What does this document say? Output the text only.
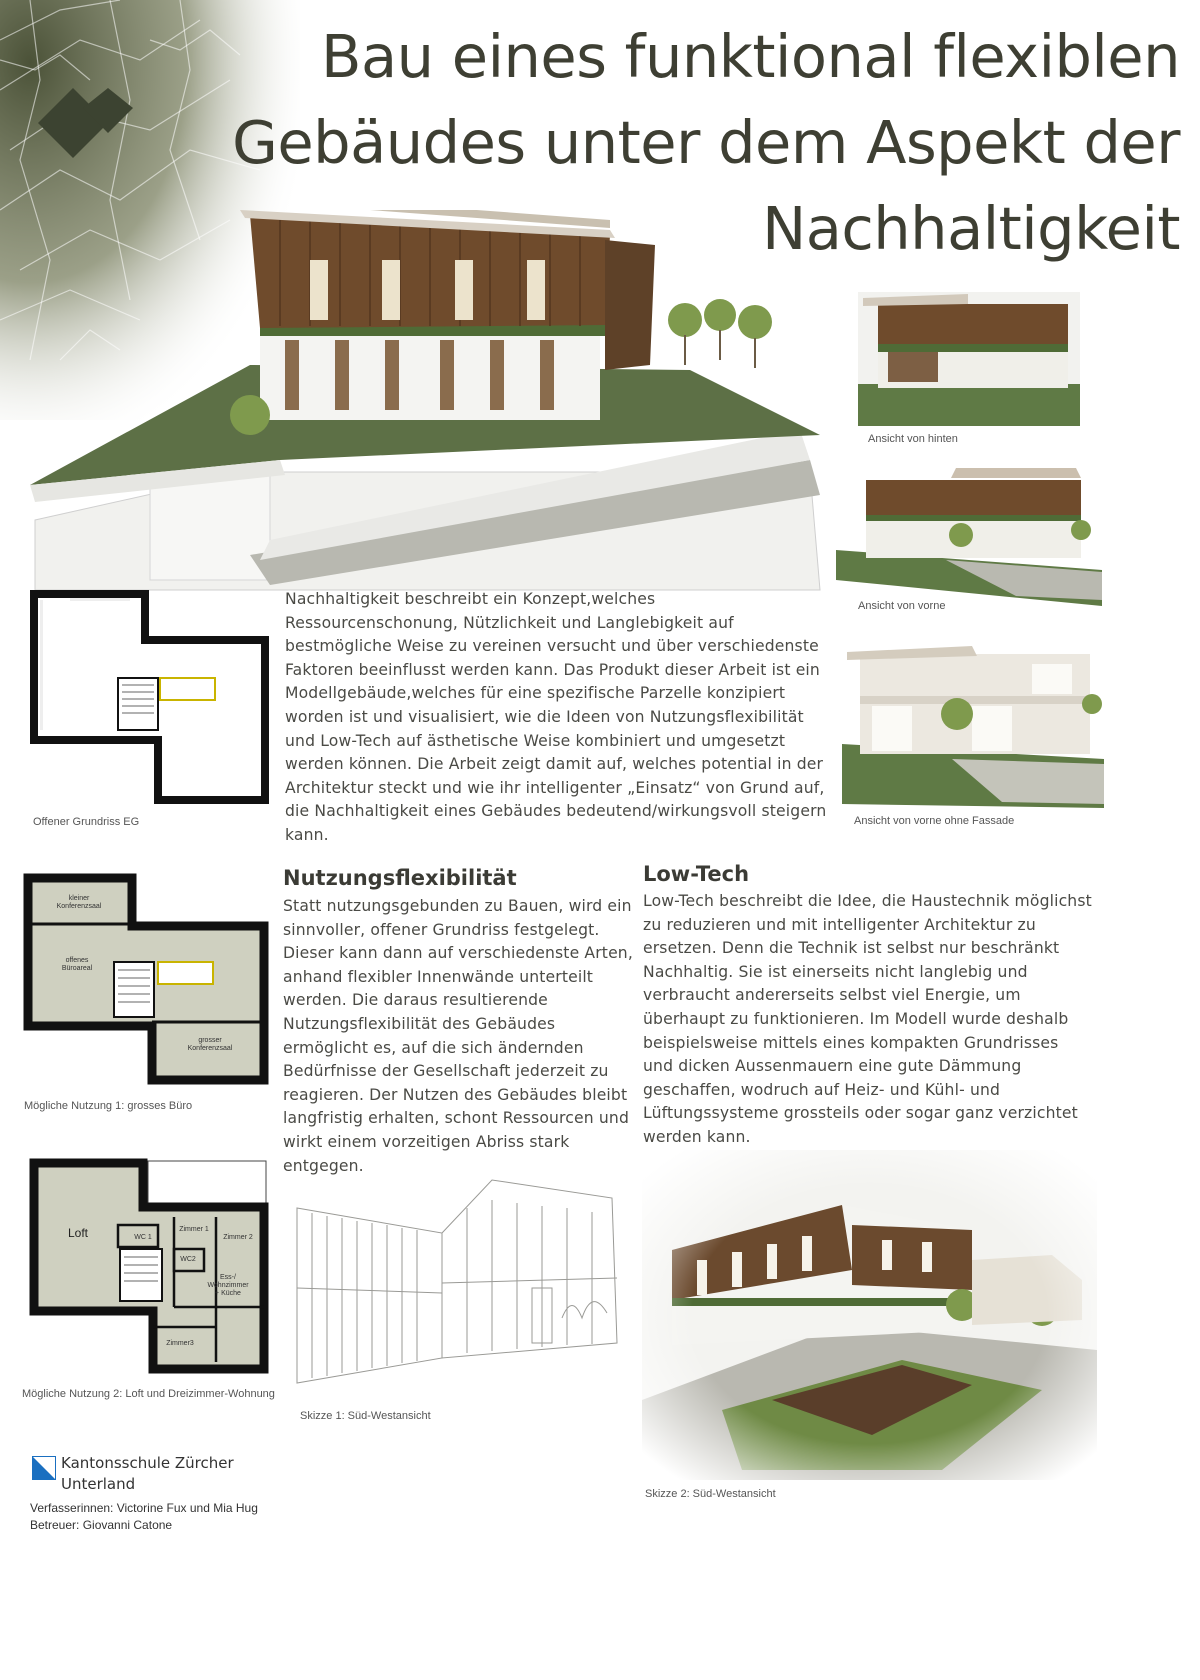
Bau eines funktional flexiblen
Gebäudes unter dem Aspekt der
Nachhaltigkeit
Ansicht von hinten
Ansicht von vorne
Ansicht von vorne ohne Fassade
Offener Grundriss EG
Nachhaltigkeit beschreibt ein Konzept,welches Ressourcenschonung, Nützlichkeit und Langlebigkeit auf bestmögliche Weise zu vereinen versucht und über verschiedenste Faktoren beeinflusst werden kann. Das Produkt dieser Arbeit ist ein Modellgebäude,welches für eine spezifische Parzelle konzipiert worden ist und visualisiert, wie die Ideen von Nutzungsflexibilität und Low-Tech auf ästhetische Weise kombiniert und umgesetzt werden können. Die Arbeit zeigt damit auf, welches potential in der Architektur steckt und wie ihr intelligenter „Einsatz“ von Grund auf, die Nachhaltigkeit eines Gebäudes bedeutend/wirkungsvoll steigern kann.
kleiner
Konferenzsaal
offenes
Büroareal
grosser
Konferenzsaal
Mögliche Nutzung 1: grosses Büro
Nutzungsflexibilität
Statt nutzungsgebunden zu Bauen, wird ein sinnvoller, offener Grundriss festgelegt. Dieser kann dann auf verschiedenste Arten, anhand flexibler Innenwände unterteilt werden. Die daraus resultierende Nutzungsflexibilität des Gebäudes ermöglicht es, auf die sich ändernden Bedürfnisse der Gesellschaft jederzeit zu reagieren. Der Nutzen des Gebäudes bleibt langfristig erhalten, schont Ressourcen und wirkt einem vorzeitigen Abriss stark entgegen.
Low-Tech
Low-Tech beschreibt die Idee, die Haustechnik möglichst zu reduzieren und mit intelligenter Architektur zu ersetzen. Denn die Technik ist selbst nur beschränkt Nachhaltig. Sie ist einerseits nicht langlebig und verbraucht andererseits selbst viel Energie, um überhaupt zu funktionieren. Im Modell wurde deshalb beispielsweise mittels eines kompakten Grundrisses und dicken Aussenmauern eine gute Dämmung geschaffen, wodruch auf Heiz- und Kühl- und Lüftungssysteme grossteils oder sogar ganz verzichtet werden kann.
Loft	WC 1
WC2
Zimmer 1
Zimmer 2
Zimmer3
Ess-/
Wohnzimmer
+ Küche
Mögliche Nutzung 2: Loft und Dreizimmer-Wohnung
Skizze 1: Süd-Westansicht
Skizze 2: Süd-Westansicht
Kantonsschule Zürcher
Unterland
Verfasserinnen: Victorine Fux und Mia Hug
Betreuer: Giovanni Catone
